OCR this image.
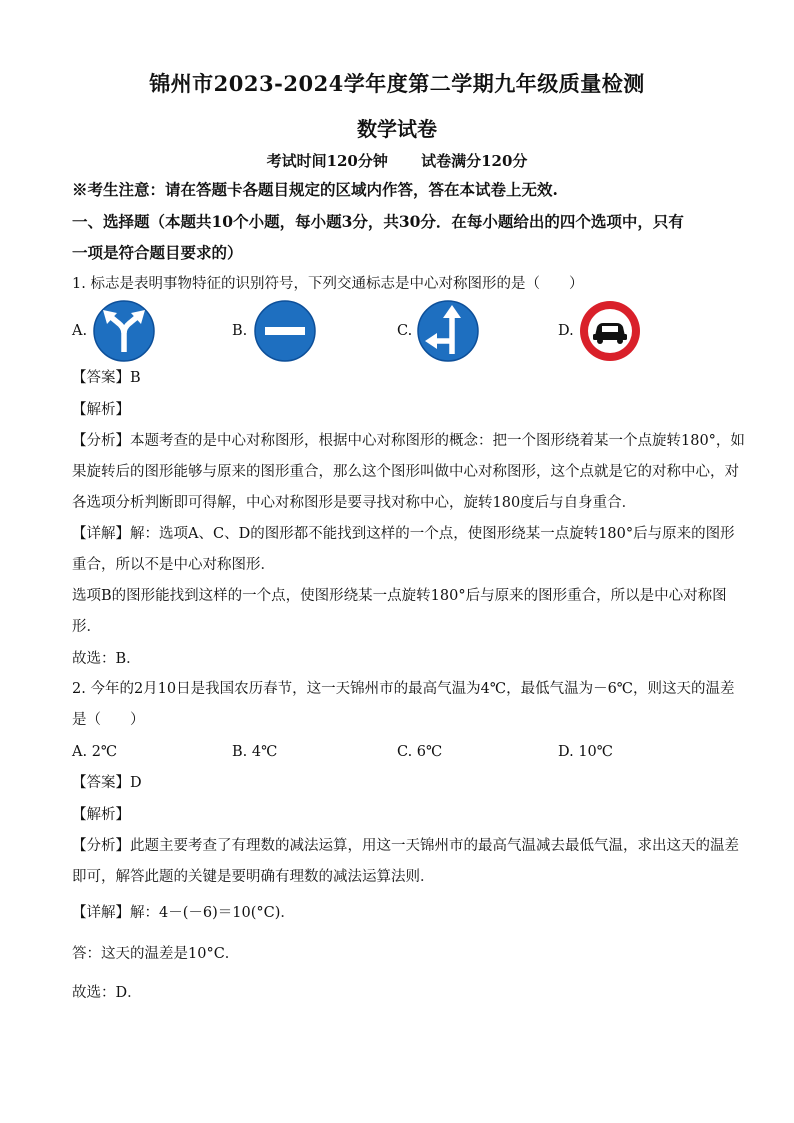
锦州市2023-2024学年度第二学期九年级质量检测
数学试卷
考试时间120分钟 试卷满分120分
※考生注意：请在答题卡各题目规定的区域内作答，答在本试卷上无效.
一、选择题（本题共10个小题，每小题3分，共30分．在每小题给出的四个选项中，只有
一项是符合题目要求的）
1. 标志是表明事物特征的识别符号，下列交通标志是中心对称图形的是（　　）
A.	B.	C.	D.
【答案】B
【解析】
【分析】本题考查的是中心对称图形，根据中心对称图形的概念：把一个图形绕着某一个点旋转180°，如
果旋转后的图形能够与原来的图形重合，那么这个图形叫做中心对称图形，这个点就是它的对称中心，对
各选项分析判断即可得解，中心对称图形是要寻找对称中心，旋转180度后与自身重合．
【详解】解：选项A、C、D的图形都不能找到这样的一个点，使图形绕某一点旋转180°后与原来的图形
重合，所以不是中心对称图形．
选项B的图形能找到这样的一个点，使图形绕某一点旋转180°后与原来的图形重合，所以是中心对称图
形．
故选：B．
2. 今年的2月10日是我国农历春节，这一天锦州市的最高气温为4℃，最低气温为－6℃，则这天的温差
是（　　）
A. 2℃	B. 4℃	C. 6℃	D. 10℃
【答案】D
【解析】
【分析】此题主要考查了有理数的减法运算，用这一天锦州市的最高气温减去最低气温，求出这天的温差
即可，解答此题的关键是要明确有理数的减法运算法则．
【详解】解：4－(－6)＝10(°C)．
答：这天的温差是10°C．
故选：D．
